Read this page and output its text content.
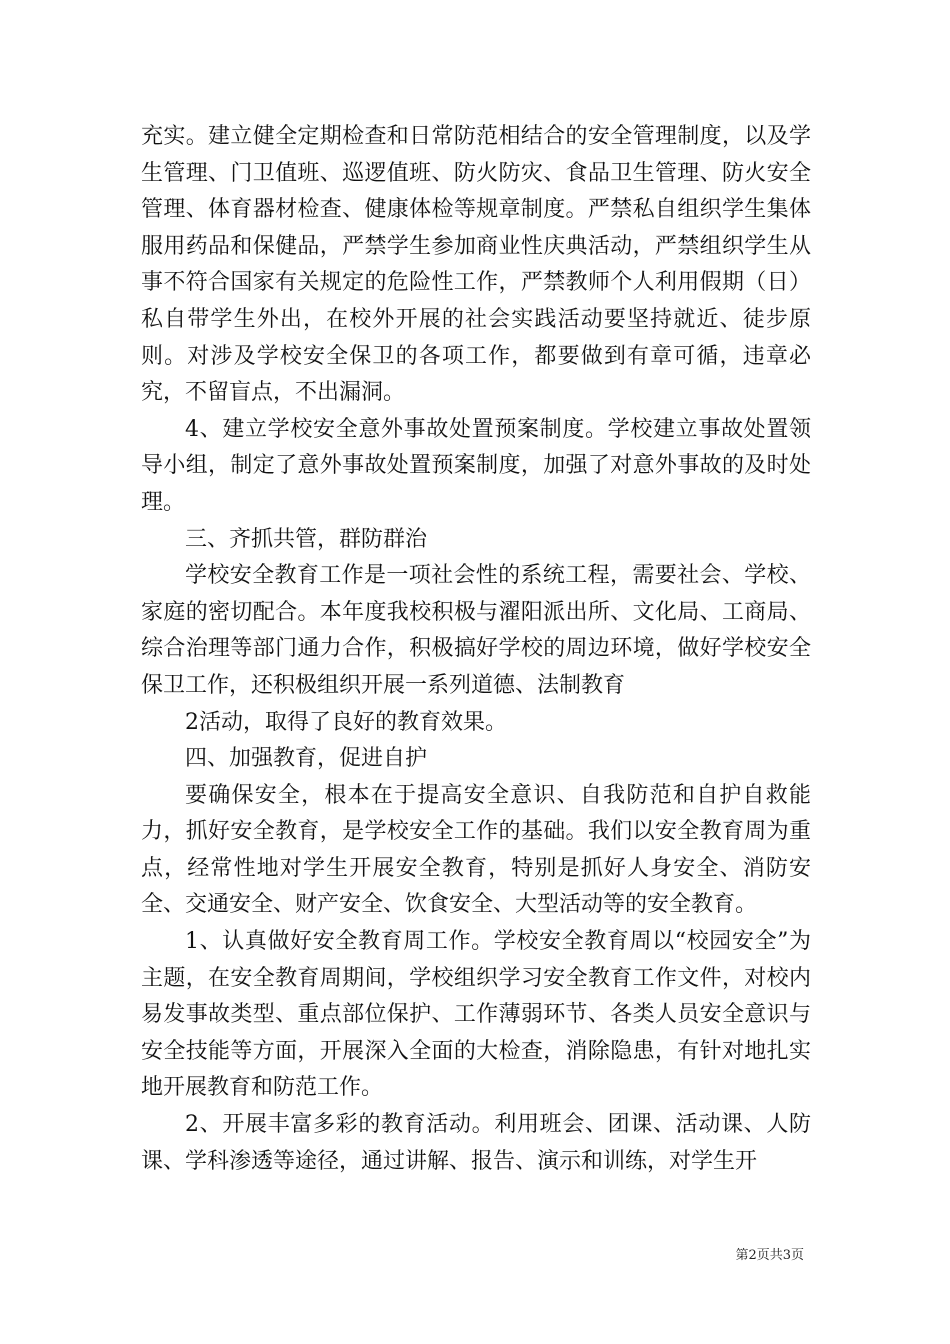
充实。建立健全定期检查和日常防范相结合的安全管理制度，以及学生管理、门卫值班、巡逻值班、防火防灾、食品卫生管理、防火安全管理、体育器材检查、健康体检等规章制度。严禁私自组织学生集体服用药品和保健品，严禁学生参加商业性庆典活动，严禁组织学生从事不符合国家有关规定的危险性工作，严禁教师个人利用假期（日）私自带学生外出，在校外开展的社会实践活动要坚持就近、徒步原则。对涉及学校安全保卫的各项工作，都要做到有章可循，违章必究，不留盲点，不出漏洞。

4、建立学校安全意外事故处置预案制度。学校建立事故处置领导小组，制定了意外事故处置预案制度，加强了对意外事故的及时处理。

三、齐抓共管，群防群治

学校安全教育工作是一项社会性的系统工程，需要社会、学校、家庭的密切配合。本年度我校积极与濯阳派出所、文化局、工商局、综合治理等部门通力合作，积极搞好学校的周边环境，做好学校安全保卫工作，还积极组织开展一系列道德、法制教育

2活动，取得了良好的教育效果。

四、加强教育，促进自护

要确保安全，根本在于提高安全意识、自我防范和自护自救能力，抓好安全教育，是学校安全工作的基础。我们以安全教育周为重点，经常性地对学生开展安全教育，特别是抓好人身安全、消防安全、交通安全、财产安全、饮食安全、大型活动等的安全教育。

1、认真做好安全教育周工作。学校安全教育周以“校园安全”为主题，在安全教育周期间，学校组织学习安全教育工作文件，对校内易发事故类型、重点部位保护、工作薄弱环节、各类人员安全意识与安全技能等方面，开展深入全面的大检查，消除隐患，有针对地扎实地开展教育和防范工作。

2、开展丰富多彩的教育活动。利用班会、团课、活动课、人防课、学科渗透等途径，通过讲解、报告、演示和训练，对学生开

第2页共3页
